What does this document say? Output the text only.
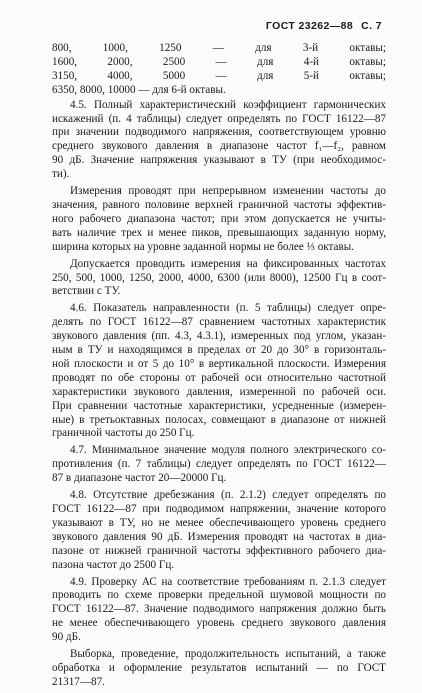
ГОСТ 23262—88 С. 7
800, 1000, 1250 — для 3-й октавы;
1600, 2000, 2500 — для 4-й октавы;
3150, 4000, 5000 — для 5-й октавы;
6350, 8000, 10000 — для 6-й октавы.
4.5. Полный характеристический коэффициент гармонических
искажений (п. 4 таблицы) следует определять по ГОСТ 16122—87
при значении подводимого напряжения, соответствующем уровню
среднего звукового давления в диапазоне частот f₁—f₂, равном
90 дБ. Значение напряжения указывают в ТУ (при необходимос-
ти).
Измерения проводят при непрерывном изменении частоты до
значения, равного половине верхней граничной частоты эффектив-
ного рабочего диапазона частот; при этом допускается не учиты-
вать наличие трех и менее пиков, превышающих заданную норму,
ширина которых на уровне заданной нормы не более ⅓ октавы.
Допускается проводить измерения на фиксированных частотах
250, 500, 1000, 1250, 2000, 4000, 6300 (или 8000), 12500 Гц в соот-
ветствии с ТУ.
4.6. Показатель направленности (п. 5 таблицы) следует опре-
делять по ГОСТ 16122—87 сравнением частотных характеристик
звукового давления (пп. 4.3, 4.3.1), измеренных под углом, указан-
ным в ТУ и находящимся в пределах от 20 до 30° в горизонталь-
ной плоскости и от 5 до 10° в вертикальной плоскости. Измерения
проводят по обе стороны от рабочей оси относительно частотной
характеристики звукового давления, измеренной по рабочей оси.
При сравнении частотные характеристики, усредненные (измерен-
ные) в третьоктавных полосах, совмещают в диапазоне от нижней
граничной частоты до 250 Гц.
4.7. Минимальное значение модуля полного электрического со-
противления (п. 7 таблицы) следует определять по ГОСТ 16122—
87 в диапазоне частот 20—20000 Гц.
4.8. Отсутствие дребезжания (п. 2.1.2) следует определять по
ГОСТ 16122—87 при подводимом напряжении, значение которого
указывают в ТУ, но не менее обеспечивающего уровень среднего
звукового давления 90 дБ. Измерения проводят на частотах в диа-
пазоне от нижней граничной частоты эффективного рабочего диа-
пазона частот до 2500 Гц.
4.9. Проверку АС на соответствие требованиям п. 2.1.3 следует
проводить по схеме проверки предельной шумовой мощности по
ГОСТ 16122—87. Значение подводимого напряжения должно быть
не менее обеспечивающего уровень среднего звукового давления
90 дБ.
Выборка, проведение, продолжительность испытаний, а также
обработка и оформление результатов испытаний — по ГОСТ
21317—87.
